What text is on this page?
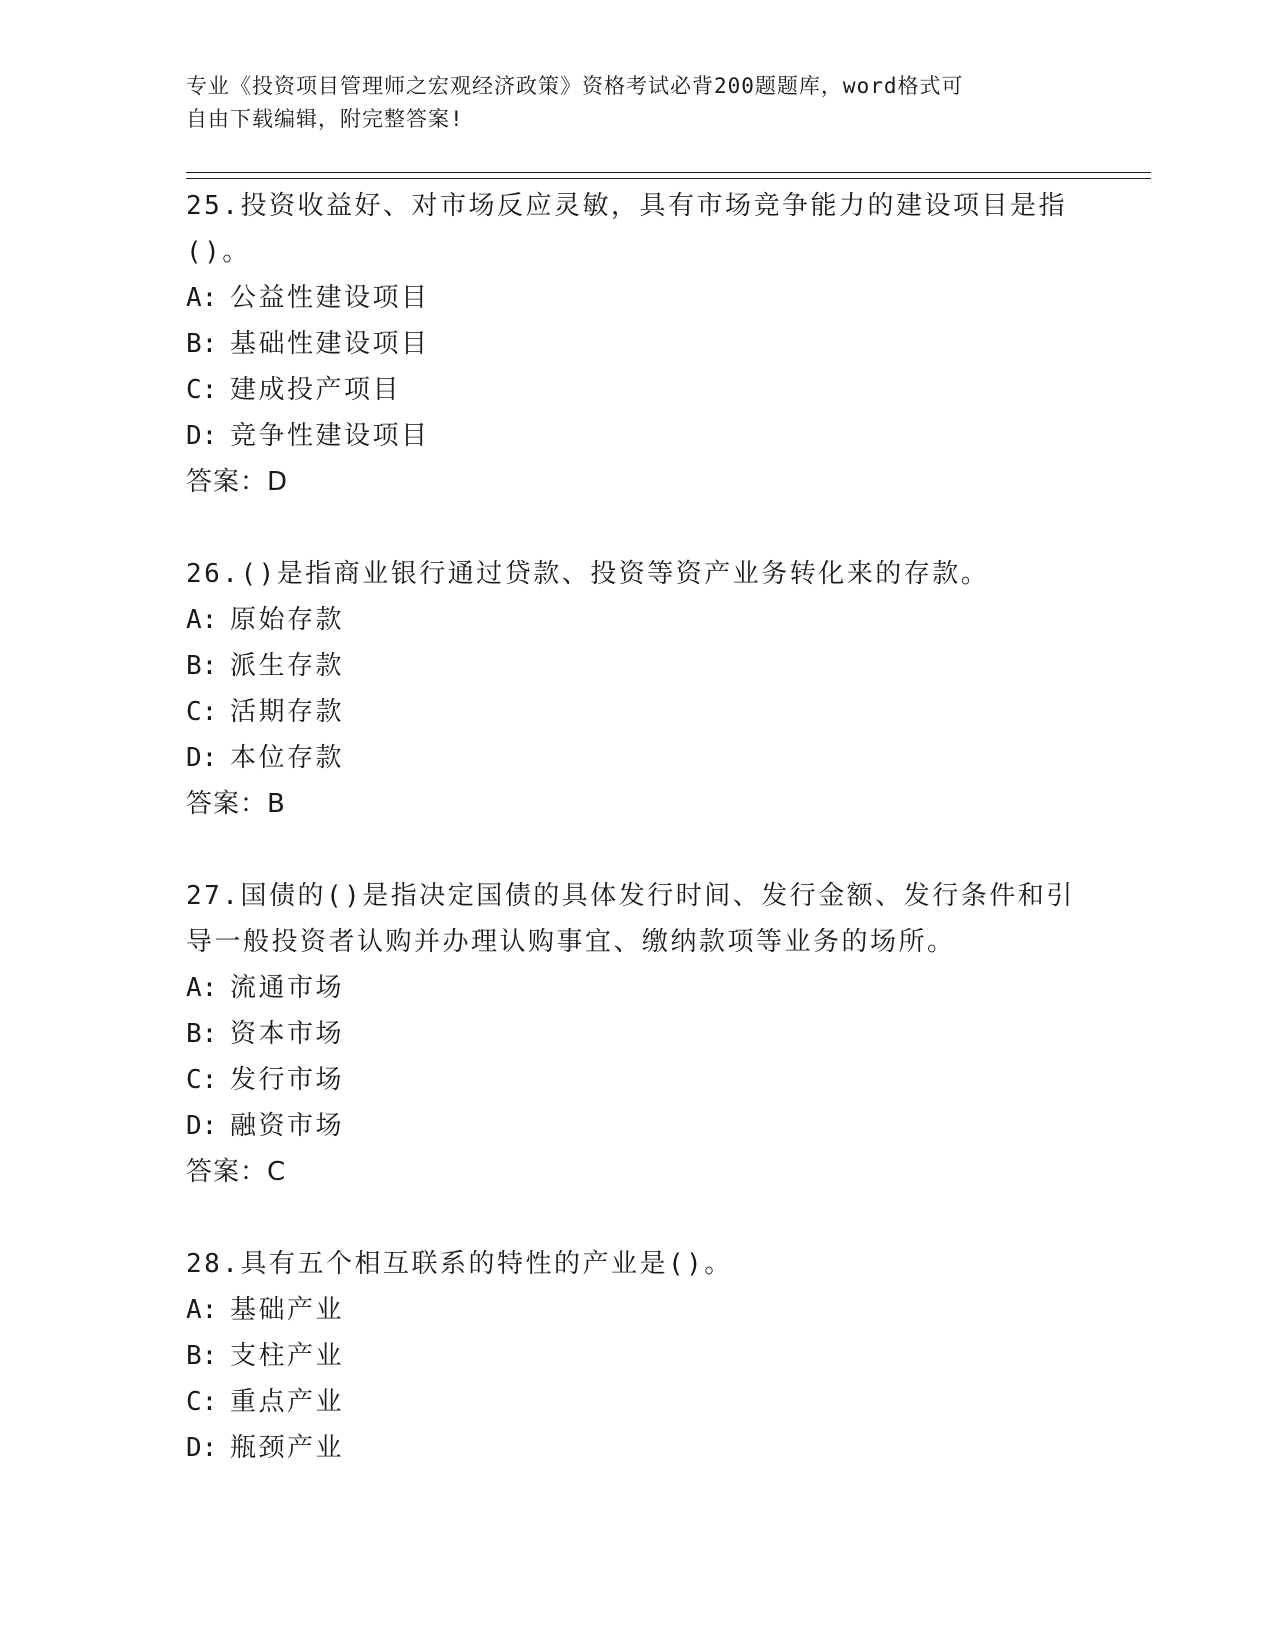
专业《投资项目管理师之宏观经济政策》资格考试必背200题题库，word格式可

自由下载编辑，附完整答案!

25.投资收益好、对市场反应灵敏，具有市场竞争能力的建设项目是指

()。

A: 公益性建设项目

B: 基础性建设项目

C: 建成投产项目

D: 竞争性建设项目

答案：D

26.()是指商业银行通过贷款、投资等资产业务转化来的存款。

A: 原始存款

B: 派生存款

C: 活期存款

D: 本位存款

答案：B

27.国债的()是指决定国债的具体发行时间、发行金额、发行条件和引

导一般投资者认购并办理认购事宜、缴纳款项等业务的场所。

A: 流通市场

B: 资本市场

C: 发行市场

D: 融资市场

答案：C

28.具有五个相互联系的特性的产业是()。

A: 基础产业

B: 支柱产业

C: 重点产业

D: 瓶颈产业
